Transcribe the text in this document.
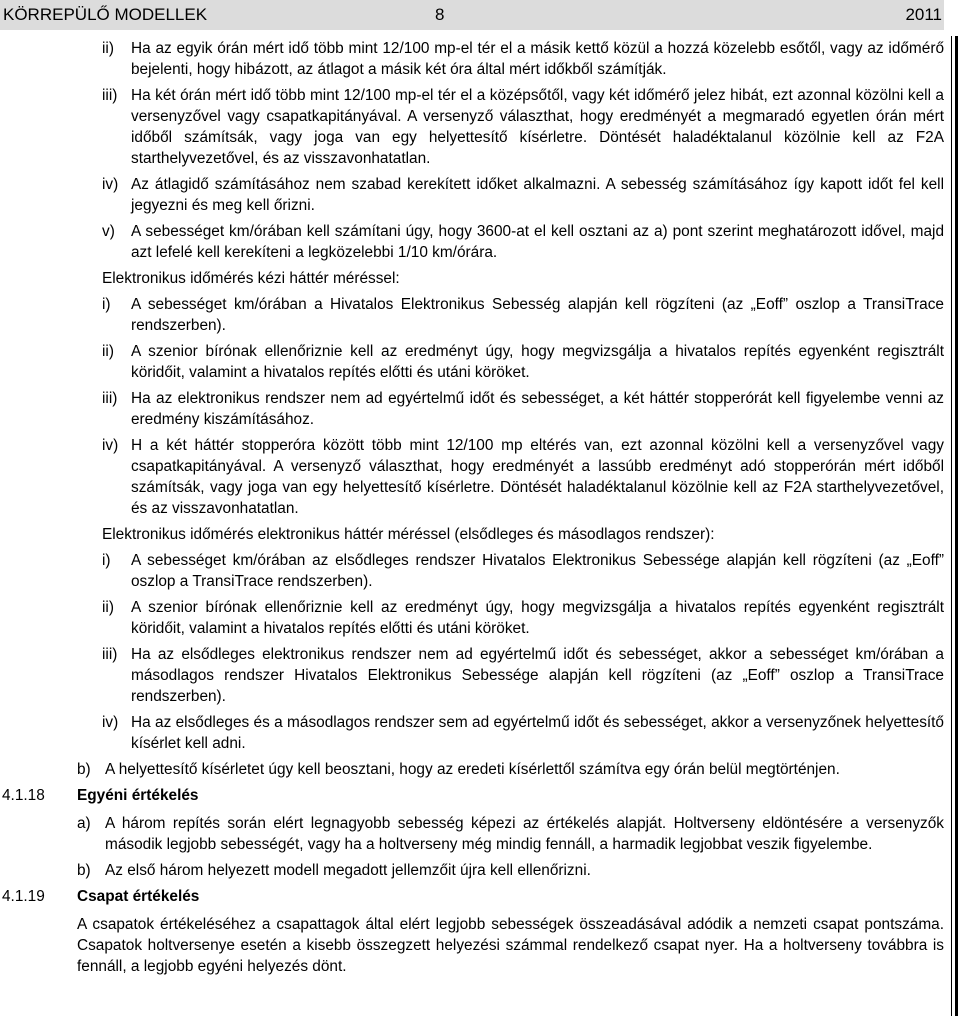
KÖRREPÜLŐ MODELLEK	8	2011
ii) Ha az egyik órán mért idő több mint 12/100 mp-el tér el a másik kettő közül a hozzá közelebb esőtől, vagy az időmérő bejelenti, hogy hibázott, az átlagot a másik két óra által mért időkből számítják.
iii) Ha két órán mért idő több mint 12/100 mp-el tér el a középsőtől, vagy két időmérő jelez hibát, ezt azonnal közölni kell a versenyzővel vagy csapatkapitányával. A versenyző választhat, hogy eredményét a megmaradó egyetlen órán mért időből számítsák, vagy joga van egy helyettesítő kísérletre. Döntését haladéktalanul közölnie kell az F2A starthelyvezetővel, és az visszavonhatatlan.
iv) Az átlagidő számításához nem szabad kerekített időket alkalmazni. A sebesség számításához így kapott időt fel kell jegyezni és meg kell őrizni.
v) A sebességet km/órában kell számítani úgy, hogy 3600-at el kell osztani az a) pont szerint meghatározott idővel, majd azt lefelé kell kerekíteni a legközelebbi 1/10 km/órára.
Elektronikus időmérés kézi háttér méréssel:
i) A sebességet km/órában a Hivatalos Elektronikus Sebesség alapján kell rögzíteni (az „Eoff” oszlop a TransiTrace rendszerben).
ii) A szenior bírónak ellenőriznie kell az eredményt úgy, hogy megvizsgálja a hivatalos repítés egyenként regisztrált köridőit, valamint a hivatalos repítés előtti és utáni köröket.
iii) Ha az elektronikus rendszer nem ad egyértelmű időt és sebességet, a két háttér stopperórát kell figyelembe venni az eredmény kiszámításához.
iv) H a két háttér stopperóra között több mint 12/100 mp eltérés van, ezt azonnal közölni kell a versenyzővel vagy csapatkapitányával. A versenyző választhat, hogy eredményét a lassúbb eredményt adó stopperórán mért időből számítsák, vagy joga van egy helyettesítő kísérletre. Döntését haladéktalanul közölnie kell az F2A starthelyvezetővel, és az visszavonhatatlan.
Elektronikus időmérés elektronikus háttér méréssel (elsődleges és másodlagos rendszer):
i) A sebességet km/órában az elsődleges rendszer Hivatalos Elektronikus Sebessége alapján kell rögzíteni (az „Eoff” oszlop a TransiTrace rendszerben).
ii) A szenior bírónak ellenőriznie kell az eredményt úgy, hogy megvizsgálja a hivatalos repítés egyenként regisztrált köridőit, valamint a hivatalos repítés előtti és utáni köröket.
iii) Ha az elsődleges elektronikus rendszer nem ad egyértelmű időt és sebességet, akkor a sebességet km/órában a másodlagos rendszer Hivatalos Elektronikus Sebessége alapján kell rögzíteni (az „Eoff” oszlop a TransiTrace rendszerben).
iv) Ha az elsődleges és a másodlagos rendszer sem ad egyértelmű időt és sebességet, akkor a versenyzőnek helyettesítő kísérlet kell adni.
b) A helyettesítő kísérletet úgy kell beosztani, hogy az eredeti kísérlettől számítva egy órán belül megtörténjen.
4.1.18 Egyéni értékelés
a) A három repítés során elért legnagyobb sebesség képezi az értékelés alapját. Holtverseny eldöntésére a versenyzők második legjobb sebességét, vagy ha a holtverseny még mindig fennáll, a harmadik legjobbat veszik figyelembe.
b) Az első három helyezett modell megadott jellemzőit újra kell ellenőrizni.
4.1.19 Csapat értékelés
A csapatok értékeléséhez a csapattagok által elért legjobb sebességek összeadásával adódik a nemzeti csapat pontszáma. Csapatok holtversenye esetén a kisebb összegzett helyezési számmal rendelkező csapat nyer. Ha a holtverseny továbbra is fennáll, a legjobb egyéni helyezés dönt.
